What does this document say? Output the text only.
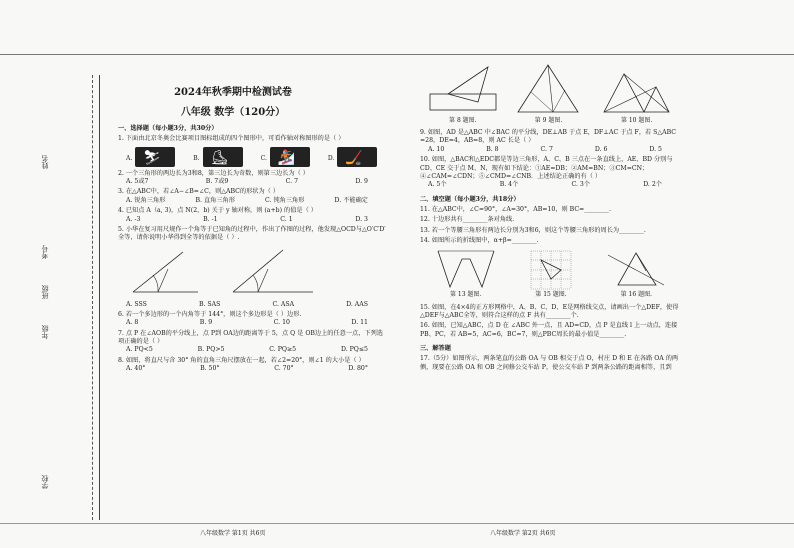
姓名
考号
班级
年级
学校
2024年秋季期中检测试卷
八年级 数学（120分）
一、选择题（每小题3分，共30分）
1. 下面由北京冬奥会比赛项目图标组成的四个图形中，可看作轴对称图形的是（ ）
A. ⛷	B. ⛸	C. 🏂	D. 🏒
2. 一个三角形的两边长为3和8，第三边长为奇数，则第三边长为（ ）
A. 5或7	B. 7或9	C. 7	D. 9
3. 在△ABC中，若∠A−∠B=∠C，则△ABC的形状为（ ）
A. 锐角三角形	B. 直角三角形	C. 钝角三角形	D. 不能确定
4. 已知点 A（a, 3)，点 N(2，b) 关于 y 轴对称，则 (a+b) 的值是（ ）
A. -3	B. -1	C. 1	D. 3
5. 小华在复习用尺规作一个角等于已知角的过程中，作出了作图的过程，他发现△OCD与△O′C′D′全等，请你说明小华得到全等的依据是（ ）.
A. SSS	B. SAS	C. ASA	D. AAS
6. 若一个多边形的一个内角等于 144°，则这个多边形是（ ）边形.
A. 8	B. 9	C. 10	D. 11
7. 点 P 在∠AOB的平分线上，点 P到 OA边的距离等于 5，点 Q 是 OB边上的任意一点，下列选项正确的是（ ）
A. PQ<5	B. PQ>5	C. PQ≥5	D. PQ≤5
8. 如图，将直尺与含 30° 角的直角三角尺摆放在一起，若∠2=20°，则∠1 的大小是（ ）
A. 40°	B. 50°	C. 70°	D. 80°
八年级数学 第1页 共6页
第 8 题图.	第 9 题图.	第 10 题图.
9. 如图，AD 是△ABC 中∠BAC 的平分线，DE⊥AB 于点 E，DF⊥AC 于点 F，若 S△ABC =28，DE=4，AB=8，则 AC 长是（ ）
A. 10	B. 8	C. 7	D. 6	D. 5
10. 如图，△BAC和△EDC都是等边三角形，A、C、B 三点在一条直线上，AE、BD 分别与 CD、CE 交于点 M、N，现有如下结论：①AE=DB；②AM=BN；③CM=CN；④∠CAM=∠CDN；⑤∠CMD=∠CNB．上述结论正确的有（ ）
A. 5个	B. 4个	C. 3个	D. 2个
二、填空题（每小题3分，共18分）
11. 在△ABC中，∠C=90°，∠A=30°，AB=10，则 BC=________.
12. 十边形共有________条对角线.
13. 若一个等腰三角形有两边长分别为3和6，则这个等腰三角形的周长为________.
14. 如图所示的折线图中，α+β=________.
第 13 题图.	第 15 题图.	第 16 题图.
15. 如图，在4×4的正方形网格中，A、B、C、D、E是网格线交点，请画出一个△DEF，使得△DEF与△ABC全等，则符合这样的点 F 共有________个.
16. 如图，已知△ABC，点 D 在 ∠ABC 外一点，且 AD=CD，点 P 是直线 l 上一动点，连接 PB、PC，若 AB=5，AC=6，BC=7，则△PBC周长的最小值是________.
三、解答题
17.（5分）如图所示，两条笔直的公路 OA 与 OB 相交于点 O，村庄 D 和 E 在各路 OA 的两侧，现要在公路 OA 和 OB 之间修公交车站 P，使公交车站 P 到两条公路的距离相等，且到
八年级数学 第2页 共6页
